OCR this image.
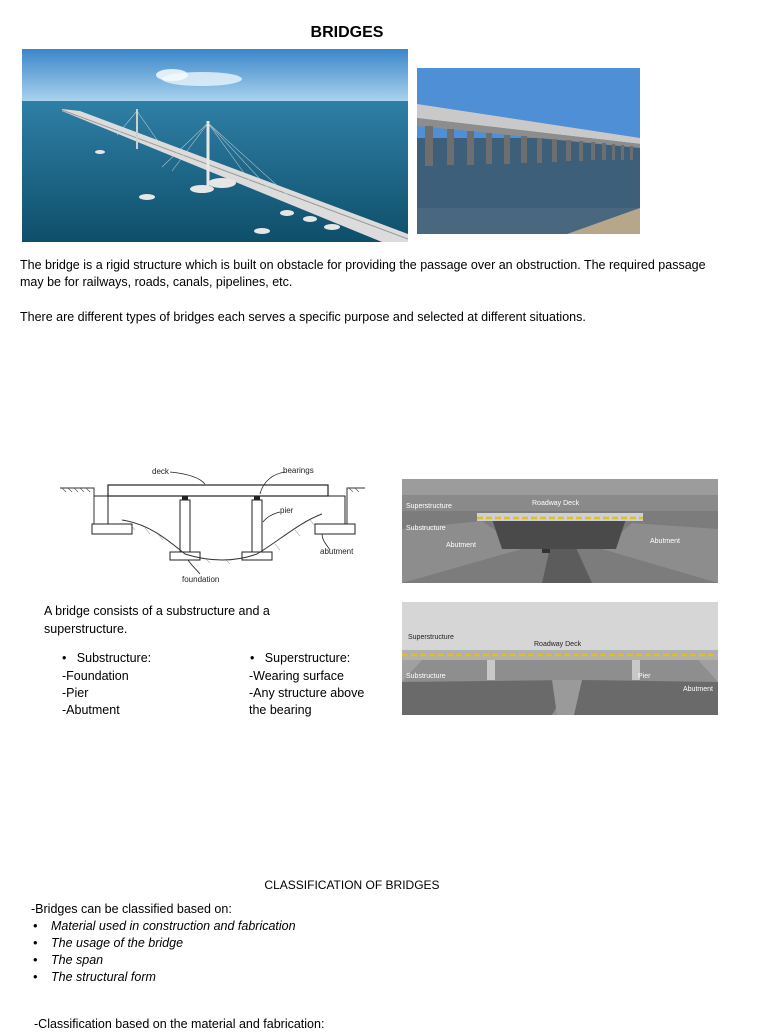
BRIDGES
The bridge is a rigid structure which is built on obstacle for providing the passage over an obstruction. The required passage may be for railways, roads, canals, pipelines, etc.
There are different types of bridges each serves a specific purpose and selected at different situations.
deck	bearings
pier
abutment
foundation
Superstructure	Roadway Deck
Substructure
Abutment
Abutment
A bridge consists of a substructure and a superstructure.
•   Substructure:
-Foundation
-Pier
-Abutment
•   Superstructure:
-Wearing surface
-Any structure above
the bearing
Superstructure
Roadway Deck
Substructure	Pier
Abutment
CLASSIFICATION OF BRIDGES
-Bridges can be classified based on:
• Material used in construction and fabrication
• The usage of the bridge
• The span
• The structural form
-Classification based on the material and fabrication:
